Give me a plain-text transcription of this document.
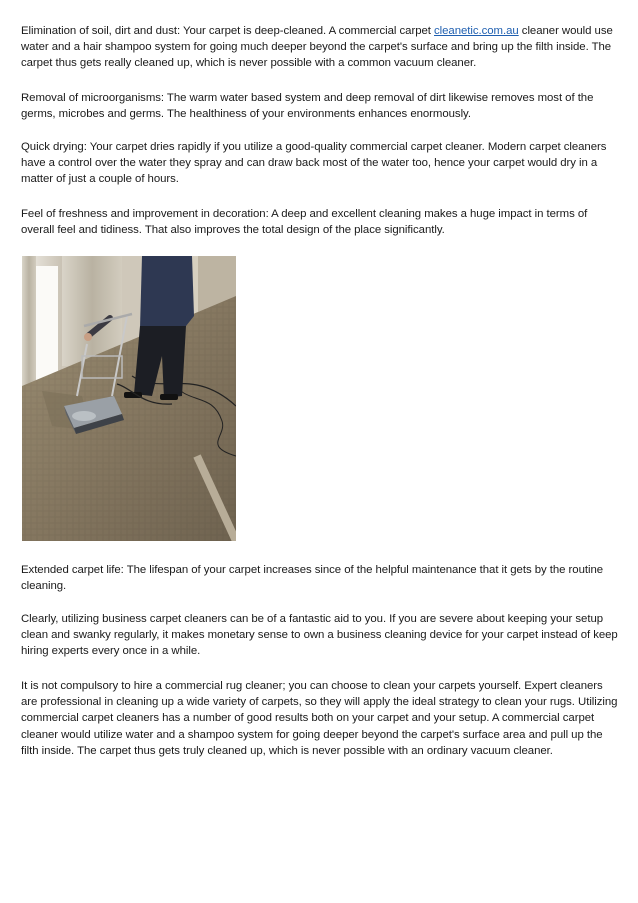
Elimination of soil, dirt and dust: Your carpet is deep-cleaned. A commercial carpet cleanetic.com.au cleaner would use water and a hair shampoo system for going much deeper beyond the carpet's surface and bring up the filth inside. The carpet thus gets really cleaned up, which is never possible with a common vacuum cleaner.

Removal of microorganisms: The warm water based system and deep removal of dirt likewise removes most of the germs, microbes and germs. The healthiness of your environments enhances enormously.

Quick drying: Your carpet dries rapidly if you utilize a good-quality commercial carpet cleaner. Modern carpet cleaners have a control over the water they spray and can draw back most of the water too, hence your carpet would dry in a matter of just a couple of hours.

Feel of freshness and improvement in decoration: A deep and excellent cleaning makes a huge impact in terms of overall feel and tidiness. That also improves the total design of the place significantly.

Extended carpet life: The lifespan of your carpet increases since of the helpful maintenance that it gets by the routine cleaning.

Clearly, utilizing business carpet cleaners can be of a fantastic aid to you. If you are severe about keeping your setup clean and swanky regularly, it makes monetary sense to own a business cleaning device for your carpet instead of keep hiring experts every once in a while.

It is not compulsory to hire a commercial rug cleaner; you can choose to clean your carpets yourself. Expert cleaners are professional in cleaning up a wide variety of carpets, so they will apply the ideal strategy to clean your rugs. Utilizing commercial carpet cleaners has a number of good results both on your carpet and your setup. A commercial carpet cleaner would utilize water and a shampoo system for going deeper beyond the carpet's surface area and pull up the filth inside. The carpet thus gets truly cleaned up, which is never possible with an ordinary vacuum cleaner.
